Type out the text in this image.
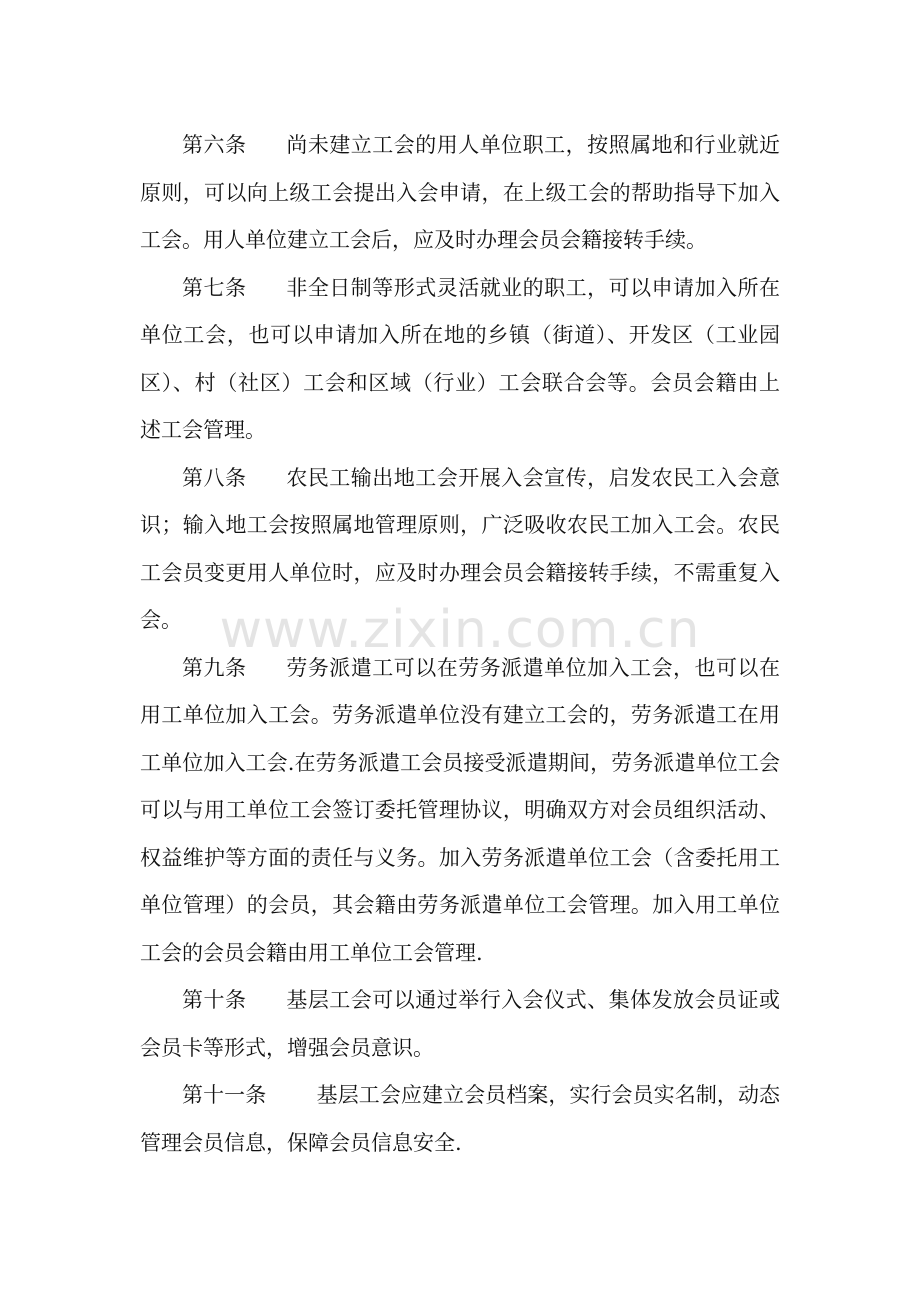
第六条 尚未建立工会的用人单位职工，按照属地和行业就近原则，可以向上级工会提出入会申请，在上级工会的帮助指导下加入工会。用人单位建立工会后，应及时办理会员会籍接转手续。

第七条 非全日制等形式灵活就业的职工，可以申请加入所在单位工会，也可以申请加入所在地的乡镇（街道）、开发区（工业园区）、村（社区）工会和区域（行业）工会联合会等。会员会籍由上述工会管理。

第八条 农民工输出地工会开展入会宣传，启发农民工入会意识；输入地工会按照属地管理原则，广泛吸收农民工加入工会。农民工会员变更用人单位时，应及时办理会员会籍接转手续，不需重复入会。

第九条 劳务派遣工可以在劳务派遣单位加入工会，也可以在用工单位加入工会。劳务派遣单位没有建立工会的，劳务派遣工在用工单位加入工会.在劳务派遣工会员接受派遣期间，劳务派遣单位工会可以与用工单位工会签订委托管理协议，明确双方对会员组织活动、权益维护等方面的责任与义务。加入劳务派遣单位工会（含委托用工单位管理）的会员，其会籍由劳务派遣单位工会管理。加入用工单位工会的会员会籍由用工单位工会管理.

第十条 基层工会可以通过举行入会仪式、集体发放会员证或会员卡等形式，增强会员意识。

第十一条 基层工会应建立会员档案，实行会员实名制，动态管理会员信息，保障会员信息安全.

www.zixin.com.cn
